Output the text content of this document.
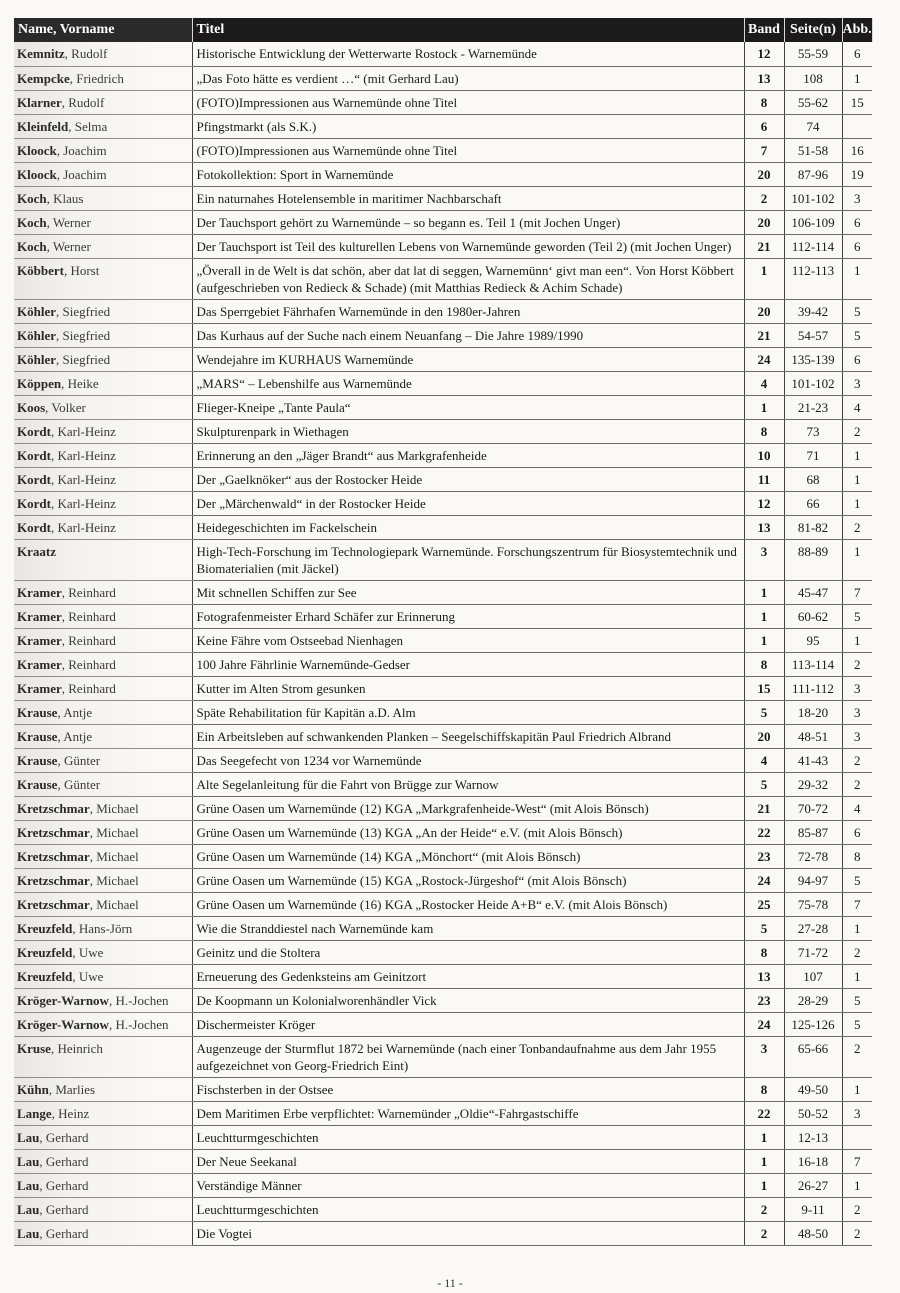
Name, Vorname	Titel	Band	Seite(n)	Abb.
Kemnitz, Rudolf	Historische Entwicklung der Wetterwarte Rostock - Warnemünde	12	55-59	6
Kempcke, Friedrich	„Das Foto hätte es verdient …“ (mit Gerhard Lau)	13	108	1
Klarner, Rudolf	(FOTO)Impressionen aus Warnemünde ohne Titel	8	55-62	15
Kleinfeld, Selma	Pfingstmarkt (als S.K.)	6	74	
Kloock, Joachim	(FOTO)Impressionen aus Warnemünde ohne Titel	7	51-58	16
Kloock, Joachim	Fotokollektion: Sport in Warnemünde	20	87-96	19
Koch, Klaus	Ein naturnahes Hotelensemble in maritimer Nachbarschaft	2	101-102	3
Koch, Werner	Der Tauchsport gehört zu Warnemünde – so begann es. Teil 1 (mit Jochen Unger)	20	106-109	6
Koch, Werner	Der Tauchsport ist Teil des kulturellen Lebens von Warnemünde geworden (Teil 2) (mit Jochen Unger)	21	112-114	6
Köbbert, Horst	„Överall in de Welt is dat schön, aber dat lat di seggen, Warnemünn‘ givt man een“. Von Horst Köbbert (aufgeschrieben von Rediеck & Schade) (mit Matthias Redieck & Achim Schade)	1	112-113	1
Köhler, Siegfried	Das Sperrgebiet Fährhafen Warnemünde in den 1980er-Jahren	20	39-42	5
Köhler, Siegfried	Das Kurhaus auf der Suche nach einem Neuanfang – Die Jahre 1989/1990	21	54-57	5
Köhler, Siegfried	Wendejahre im KURHAUS Warnemünde	24	135-139	6
Köppen, Heike	„MARS“ – Lebenshilfe aus Warnemünde	4	101-102	3
Koos, Volker	Flieger-Kneipe „Tante Paula“	1	21-23	4
Kordt, Karl-Heinz	Skulpturenpark in Wiethagen	8	73	2
Kordt, Karl-Heinz	Erinnerung an den „Jäger Brandt“ aus Markgrafenheide	10	71	1
Kordt, Karl-Heinz	Der „Gaelknöker“ aus der Rostocker Heide	11	68	1
Kordt, Karl-Heinz	Der „Märchenwald“ in der Rostocker Heide	12	66	1
Kordt, Karl-Heinz	Heidegeschichten im Fackelschein	13	81-82	2
Kraatz	High-Tech-Forschung im Technologiepark Warnemünde. Forschungszentrum für Biosystemtechnik und Biomaterialien (mit Jäckel)	3	88-89	1
Kramer, Reinhard	Mit schnellen Schiffen zur See	1	45-47	7
Kramer, Reinhard	Fotografenmeister Erhard Schäfer zur Erinnerung	1	60-62	5
Kramer, Reinhard	Keine Fähre vom Ostseebad Nienhagen	1	95	1
Kramer, Reinhard	100 Jahre Fährlinie Warnemünde-Gedser	8	113-114	2
Kramer, Reinhard	Kutter im Alten Strom gesunken	15	111-112	3
Krause, Antje	Späte Rehabilitation für Kapitän a.D. Alm	5	18-20	3
Krause, Antje	Ein Arbeitsleben auf schwankenden Planken – Seegelschiffskapitän Paul Friedrich Albrand	20	48-51	3
Krause, Günter	Das Seegefecht von 1234 vor Warnemünde	4	41-43	2
Krause, Günter	Alte Segelanleitung für die Fahrt von Brügge zur Warnow	5	29-32	2
Kretzschmar, Michael	Grüne Oasen um Warnemünde (12) KGA „Markgrafenheide-West“ (mit Alois Bönsch)	21	70-72	4
Kretzschmar, Michael	Grüne Oasen um Warnemünde (13) KGA „An der Heide“ e.V. (mit Alois Bönsch)	22	85-87	6
Kretzschmar, Michael	Grüne Oasen um Warnemünde (14) KGA „Mönchort“ (mit Alois Bönsch)	23	72-78	8
Kretzschmar, Michael	Grüne Oasen um Warnemünde (15) KGA „Rostock-Jürgeshof“ (mit Alois Bönsch)	24	94-97	5
Kretzschmar, Michael	Grüne Oasen um Warnemünde (16) KGA „Rostocker Heide A+B“ e.V. (mit Alois Bönsch)	25	75-78	7
Kreuzfeld, Hans-Jörn	Wie die Stranddiestel nach Warnemünde kam	5	27-28	1
Kreuzfeld, Uwe	Geinitz und die Stoltera	8	71-72	2
Kreuzfeld, Uwe	Erneuerung des Gedenksteins am Geinitzort	13	107	1
Kröger-Warnow, H.-Jochen	De Koopmann un Kolonialworenhändler Vick	23	28-29	5
Kröger-Warnow, H.-Jochen	Dischermeister Kröger	24	125-126	5
Kruse, Heinrich	Augenzeuge der Sturmflut 1872 bei Warnemünde (nach einer Tonbandaufnahme aus dem Jahr 1955 aufgezeichnet von Georg-Friedrich Eint)	3	65-66	2
Kühn, Marlies	Fischsterben in der Ostsee	8	49-50	1
Lange, Heinz	Dem Maritimen Erbe verpflichtet: Warnemünder „Oldie“-Fahrgastschiffe	22	50-52	3
Lau, Gerhard	Leuchtturmgeschichten	1	12-13	
Lau, Gerhard	Der Neue Seekanal	1	16-18	7
Lau, Gerhard	Verständige Männer	1	26-27	1
Lau, Gerhard	Leuchtturmgeschichten	2	9-11	2
Lau, Gerhard	Die Vogtei	2	48-50	2
- 11 -
